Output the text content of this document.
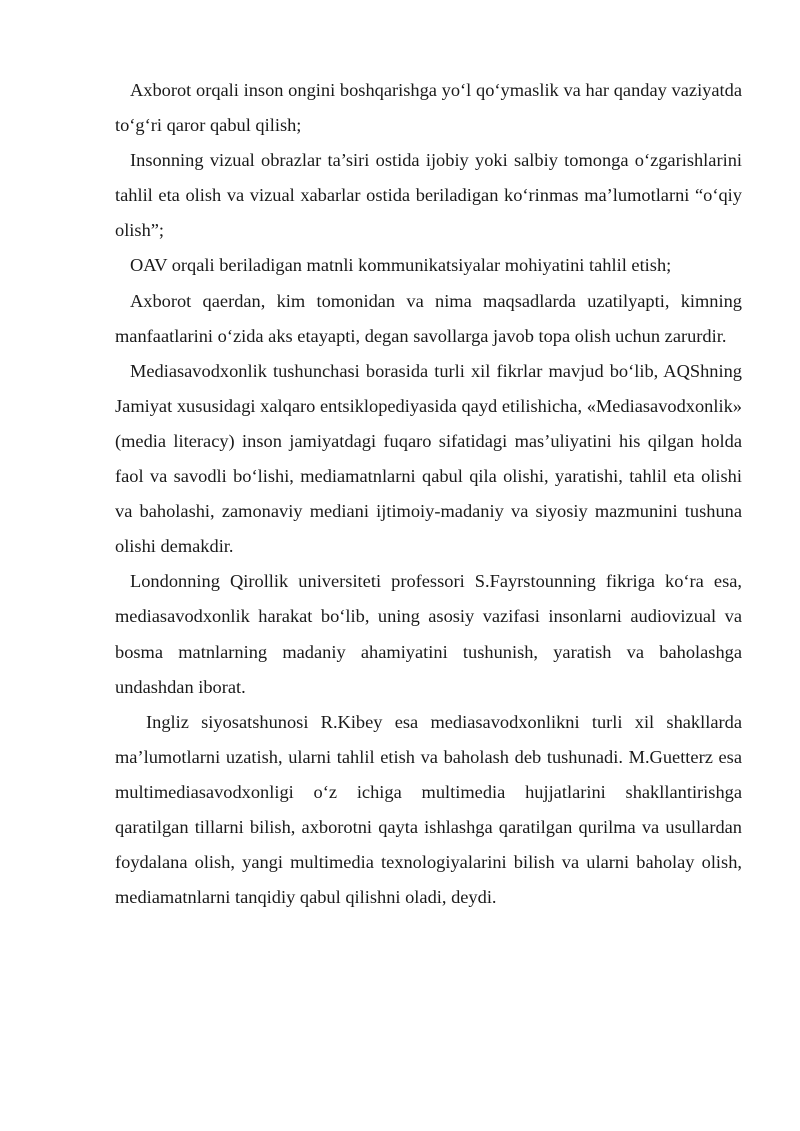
Axborot orqali inson ongini boshqarishga yo‘l qo‘ymaslik va har qanday vaziyatda to‘g‘ri qaror qabul qilish;

Insonning vizual obrazlar ta’siri ostida ijobiy yoki salbiy tomonga o‘zgarishlarini tahlil eta olish va vizual xabarlar ostida beriladigan ko‘rinmas ma’lumotlarni “o‘qiy olish”;

OAV orqali beriladigan matnli kommunikatsiyalar mohiyatini tahlil etish;

Axborot qaerdan, kim tomonidan va nima maqsadlarda uzatilyapti, kimning manfaatlarini o‘zida aks etayapti, degan savollarga javob topa olish uchun zarurdir.

Mediasavodxonlik tushunchasi borasida turli xil fikrlar mavjud bo‘lib, AQShning Jamiyat xususidagi xalqaro entsiklopediyasida qayd etilishicha, «Mediasavodxonlik» (media literacy) inson jamiyatdagi fuqaro sifatidagi mas’uliyatini his qilgan holda faol va savodli bo‘lishi, mediamatnlarni qabul qila olishi, yaratishi, tahlil eta olishi va baholashi, zamonaviy mediani ijtimoiy-madaniy va siyosiy mazmunini tushuna olishi demakdir.

Londonning Qirollik universiteti professori S.Fayrstounning fikriga ko‘ra esa, mediasavodxonlik harakat bo‘lib, uning asosiy vazifasi insonlarni audiovizual va bosma matnlarning madaniy ahamiyatini tushunish, yaratish va baholashga undashdan iborat.

Ingliz siyosatshunosi R.Kibey esa mediasavodxonlikni turli xil shakllarda ma’lumotlarni uzatish, ularni tahlil etish va baholash deb tushunadi. M.Guetterz esa multimediasavodxonligi o‘z ichiga multimedia hujjatlarini shakllantirishga qaratilgan tillarni bilish, axborotni qayta ishlashga qaratilgan qurilma va usullardan foydalana olish, yangi multimedia texnologiyalarini bilish va ularni baholay olish, mediamatnlarni tanqidiy qabul qilishni oladi, deydi.
